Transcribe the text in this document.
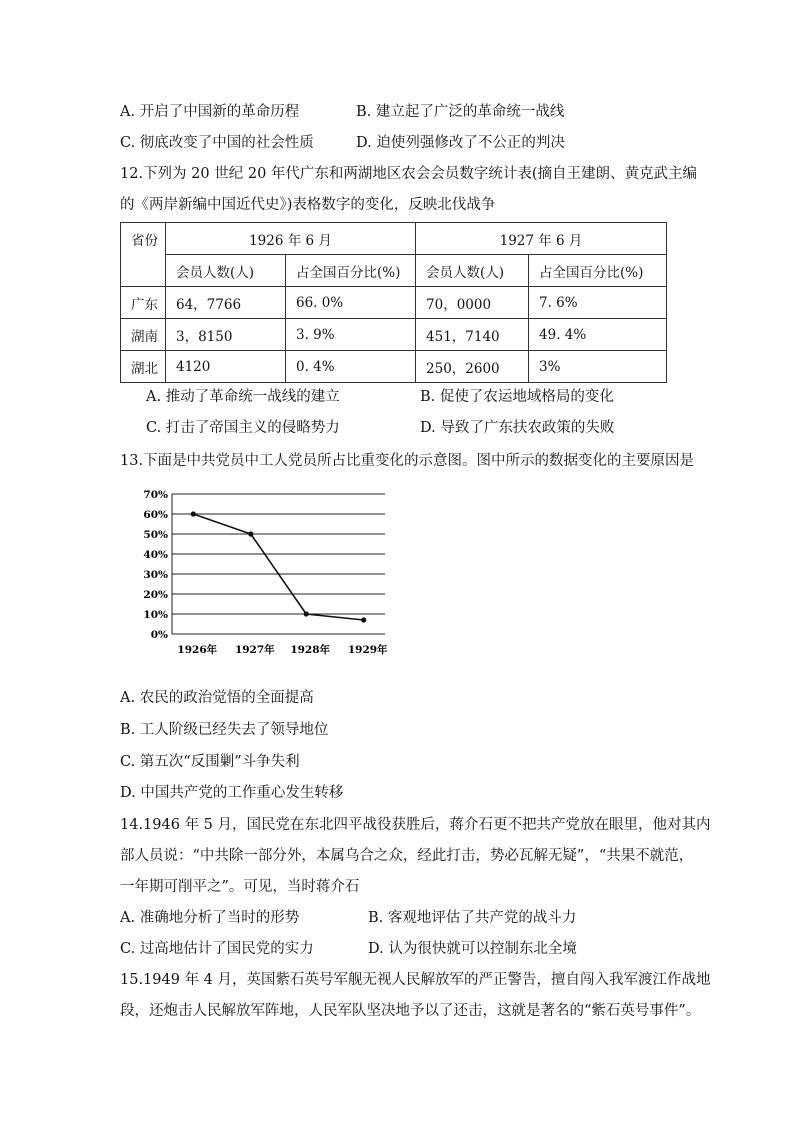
A. 开启了中国新的革命历程	B. 建立起了广泛的革命统一战线
C. 彻底改变了中国的社会性质	D. 迫使列强修改了不公正的判决
12.下列为 20 世纪 20 年代广东和两湖地区农会会员数字统计表(摘自王建朗、黄克武主编
的《两岸新编中国近代史》)表格数字的变化，反映北伐战争
省份	1926 年 6 月		1927 年 6 月	
	会员人数(人)	占全国百分比(%)	会员人数(人)	占全国百分比(%)
广东	64，7766	66. 0%	70，0000	7. 6%
湖南	3，8150	3. 9%	451，7140	49. 4%
湖北	4120	0. 4%	250，2600	3%
A. 推动了革命统一战线的建立	B. 促使了农运地域格局的变化
C. 打击了帝国主义的侵略势力	D. 导致了广东扶农政策的失败
13.下面是中共党员中工人党员所占比重变化的示意图。图中所示的数据变化的主要原因是
0%
10%
20%
30%
40%
50%
60%
70%
1926年 1927年 1928年 1929年
A. 农民的政治觉悟的全面提高
B. 工人阶级已经失去了领导地位
C. 第五次“反围剿”斗争失利
D. 中国共产党的工作重心发生转移
14.1946 年 5 月，国民党在东北四平战役获胜后，蒋介石更不把共产党放在眼里，他对其内
部人员说：“中共除一部分外，本属乌合之众，经此打击，势必瓦解无疑”，“共果不就范，
一年期可削平之”。可见，当时蒋介石
A. 准确地分析了当时的形势	B. 客观地评估了共产党的战斗力
C. 过高地估计了国民党的实力	D. 认为很快就可以控制东北全境
15.1949 年 4 月，英国紫石英号军舰无视人民解放军的严正警告，擅自闯入我军渡江作战地
段，还炮击人民解放军阵地，人民军队坚决地予以了还击，这就是著名的“紫石英号事件”。
